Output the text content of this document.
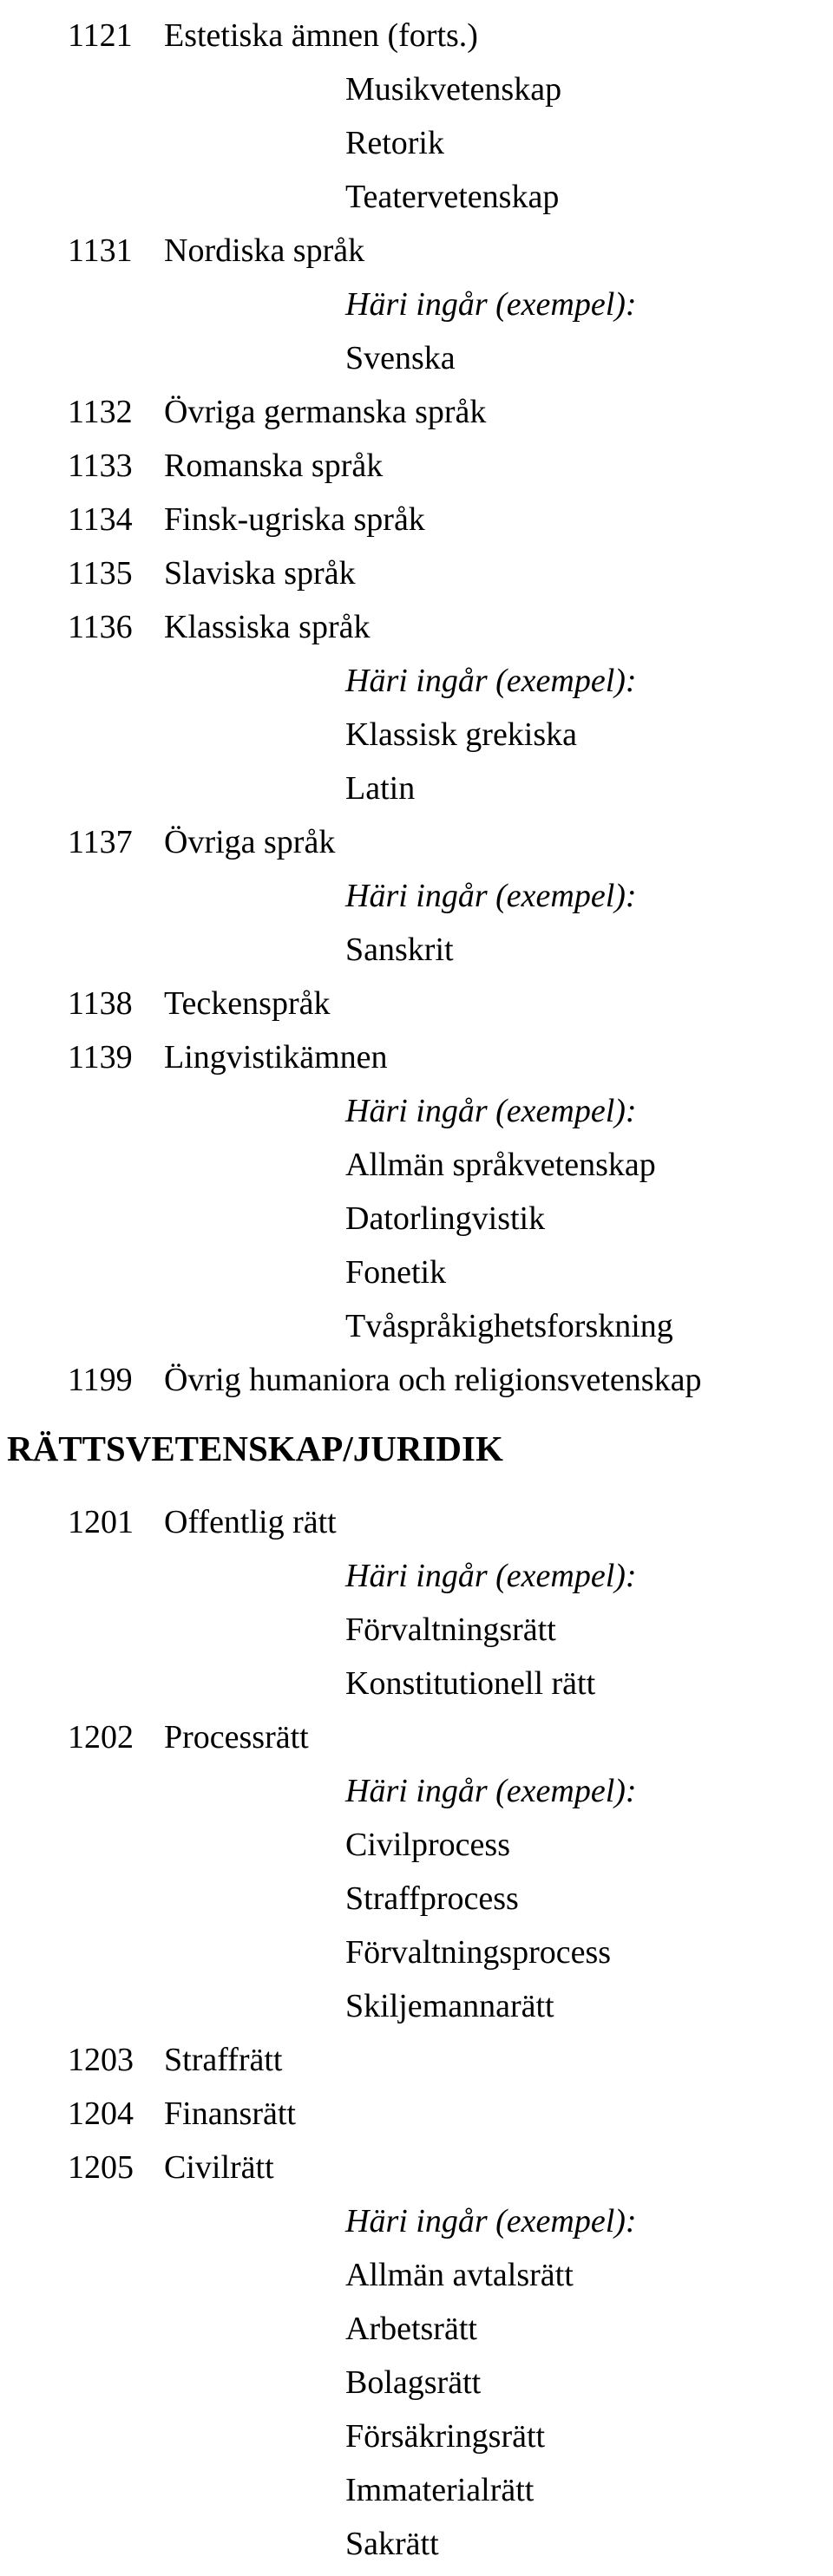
1121 Estetiska ämnen (forts.)
Musikvetenskap
Retorik
Teatervetenskap
1131 Nordiska språk
Häri ingår (exempel):
Svenska
1132 Övriga germanska språk
1133 Romanska språk
1134 Finsk-ugriska språk
1135 Slaviska språk
1136 Klassiska språk
Häri ingår (exempel):
Klassisk grekiska
Latin
1137 Övriga språk
Häri ingår (exempel):
Sanskrit
1138 Teckenspråk
1139 Lingvistikämnen
Häri ingår (exempel):
Allmän språkvetenskap
Datorlingvistik
Fonetik
Tvåspråkighetsforskning
1199 Övrig humaniora och religionsvetenskap
RÄTTSVETENSKAP/JURIDIK
1201 Offentlig rätt
Häri ingår (exempel):
Förvaltningsrätt
Konstitutionell rätt
1202 Processrätt
Häri ingår (exempel):
Civilprocess
Straffprocess
Förvaltningsprocess
Skiljemannarätt
1203 Straffrätt
1204 Finansrätt
1205 Civilrätt
Häri ingår (exempel):
Allmän avtalsrätt
Arbetsrätt
Bolagsrätt
Försäkringsrätt
Immaterialrätt
Sakrätt
